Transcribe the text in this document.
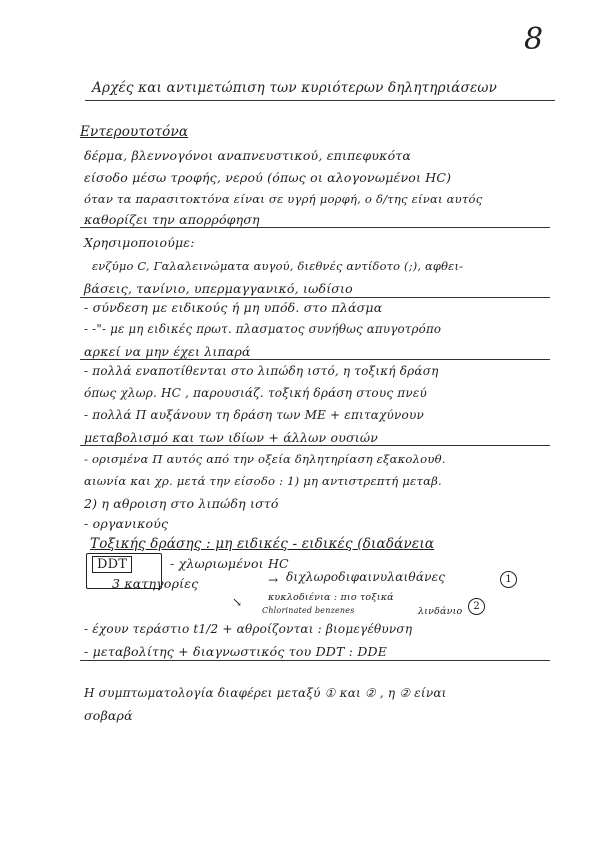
8
Αρχές και αντιμετώπιση των κυριότερων δηλητηριάσεων
Εντερουτοτόνα
δέρμα, βλεννογόνοι αναπνευστικού, επιπεφυκότα
είσοδο μέσω τροφής, νερού (όπως οι αλογονωμένοι ΗC)
όταν τα παρασιτοκτόνα είναι σε υγρή μορφή, ο δ/της είναι αυτός
καθορίζει την απορρόφηση
Χρησιμοποιούμε:
ενζύμο C, Γαλαλεινώματα αυγού, διεθνές αντίδοτο (;), αφθει-
βάσεις, τανίνιο, υπερμαγγανικό, ιωδίσιο
- σύνδεση με ειδικούς ή μη υπόδ. στο πλάσμα
- -"- με μη ειδικές πρωτ. πλασματος συνήθως απυγοτρόπο
αρκεί να μην έχει λιπαρά
- πολλά εναποτίθενται στο λιπώδη ιστό, η τοξική δράση
όπως χλωρ. HC , παρουσιάζ. τοξική δράση στους πνεύ
- πολλά Π αυξάνουν τη δράση των ΜΕ + επιταχύνουν
μεταβολισμό και των ιδίων + άλλων ουσιών
- ορισμένα Π αυτός από την οξεία δηλητηρίαση εξακολουθ.
αιωνία και χρ. μετά την είσοδο : 1) μη αντιστρεπτή μεταβ.
2) η αθροιση στο λιπώδη ιστό
- οργανικούς
Τοξικής δράσης : μη ειδικές - ειδικές (διαδάνεια
DDT	- χλωριωμένοι HC
3 κατηγορίες	→ διχλωροδιφαινυλαιθάνες	1
↘	κυκλοδιένια : πιο τοξικά
Chlorinated benzenes	λινδάνιο	2
- έχουν τεράστιο t1/2 + αθροίζονται : βιομεγέθυνση
- μεταβολίτης + διαγνωστικός του DDT : DDE
Η συμπτωματολογία διαφέρει μεταξύ ① και ② , η ② είναι
σοβαρά
